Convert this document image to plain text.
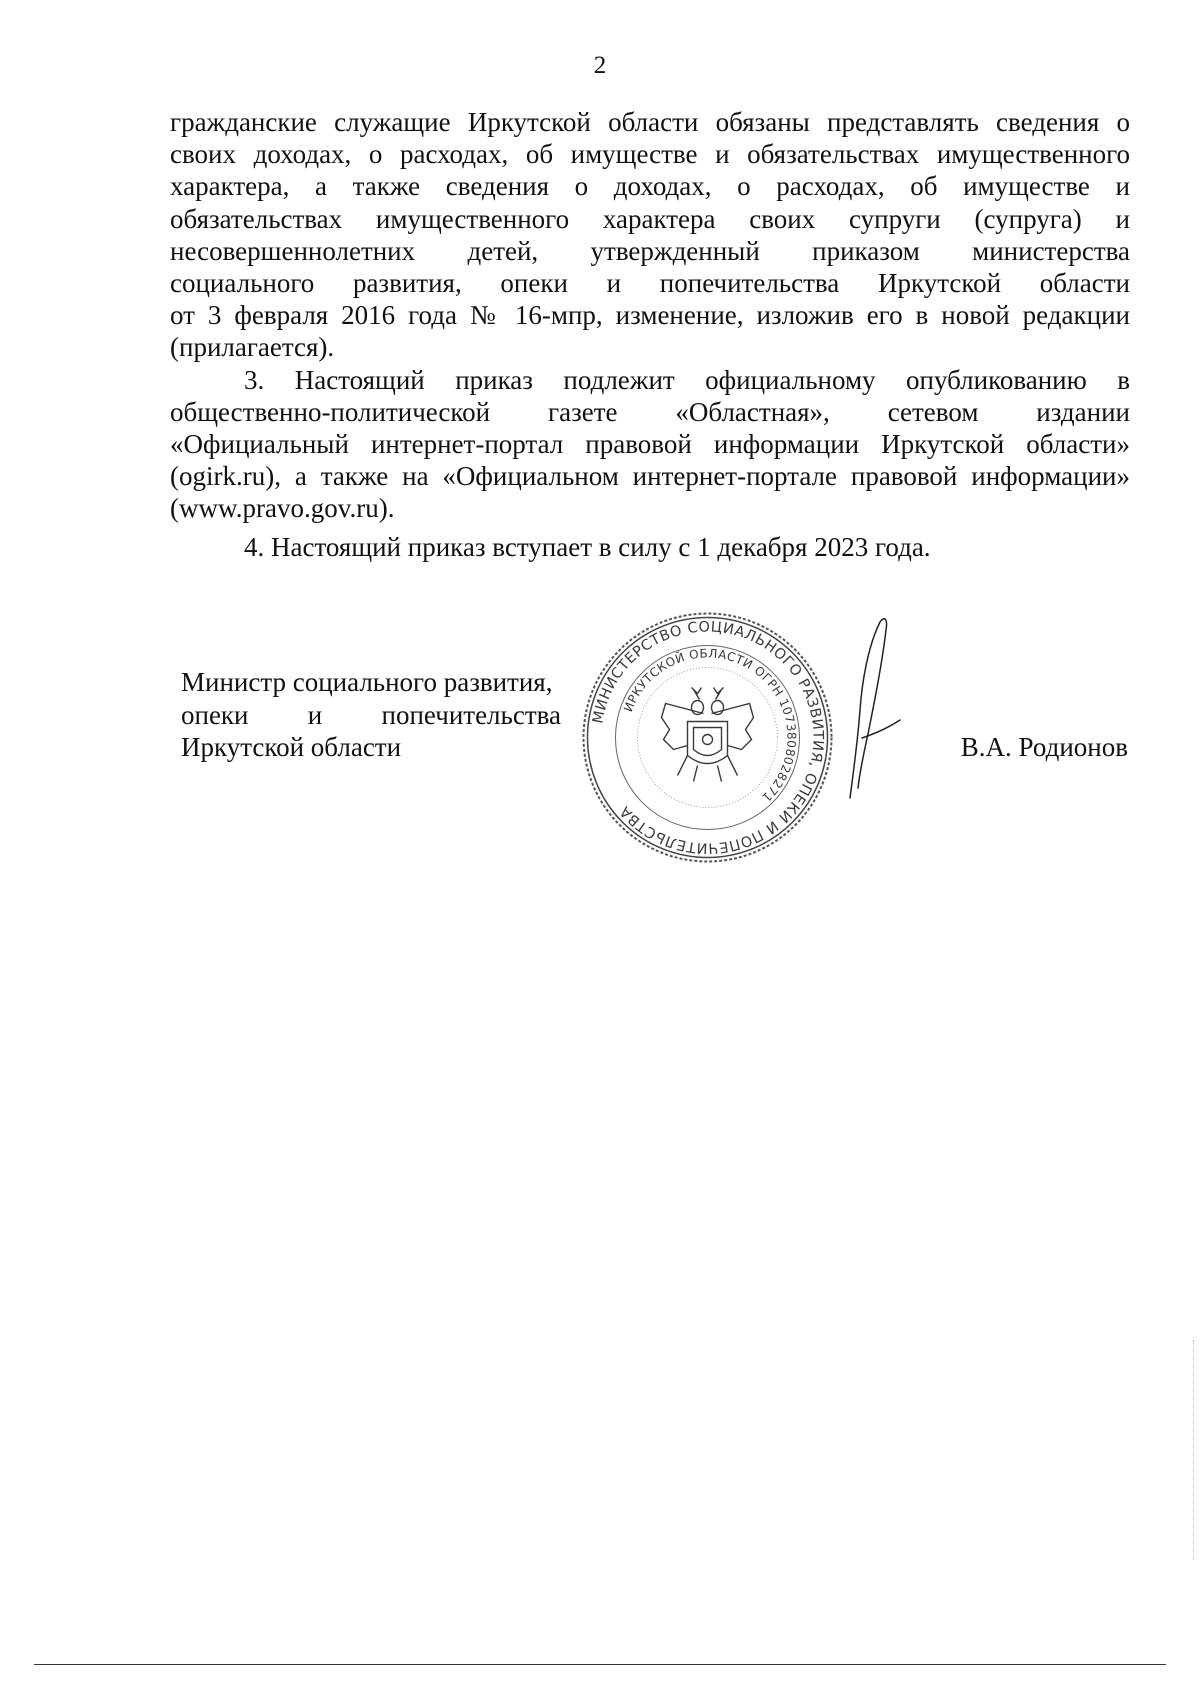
2

гражданские служащие Иркутской области обязаны представлять сведения о
своих доходах, о расходах, об имуществе и обязательствах имущественного
характера, а также сведения о доходах, о расходах, об имуществе и
обязательствах имущественного характера своих супруги (супруга) и
несовершеннолетних детей, утвержденный приказом министерства
социального развития, опеки и попечительства Иркутской области
от 3 февраля 2016 года № 16-мпр, изменение, изложив его в новой редакции
(прилагается).

3. Настоящий приказ подлежит официальному опубликованию в
общественно-политической газете «Областная», сетевом издании
«Официальный интернет-портал правовой информации Иркутской области»
(ogirk.ru), а также на «Официальном интернет-портале правовой информации»
(www.pravo.gov.ru).

4. Настоящий приказ вступает в силу с 1 декабря 2023 года.

Министр социального развития,
опеки и попечительства
Иркутской области
МИНИСТЕРСТВО СОЦИАЛЬНОГО РАЗВИТИЯ, ОПЕКИ И ПОПЕЧИТЕЛЬСТВА
ИРКУТСКОЙ ОБЛАСТИ ОГРН 1073808028271
В.А. Родионов
